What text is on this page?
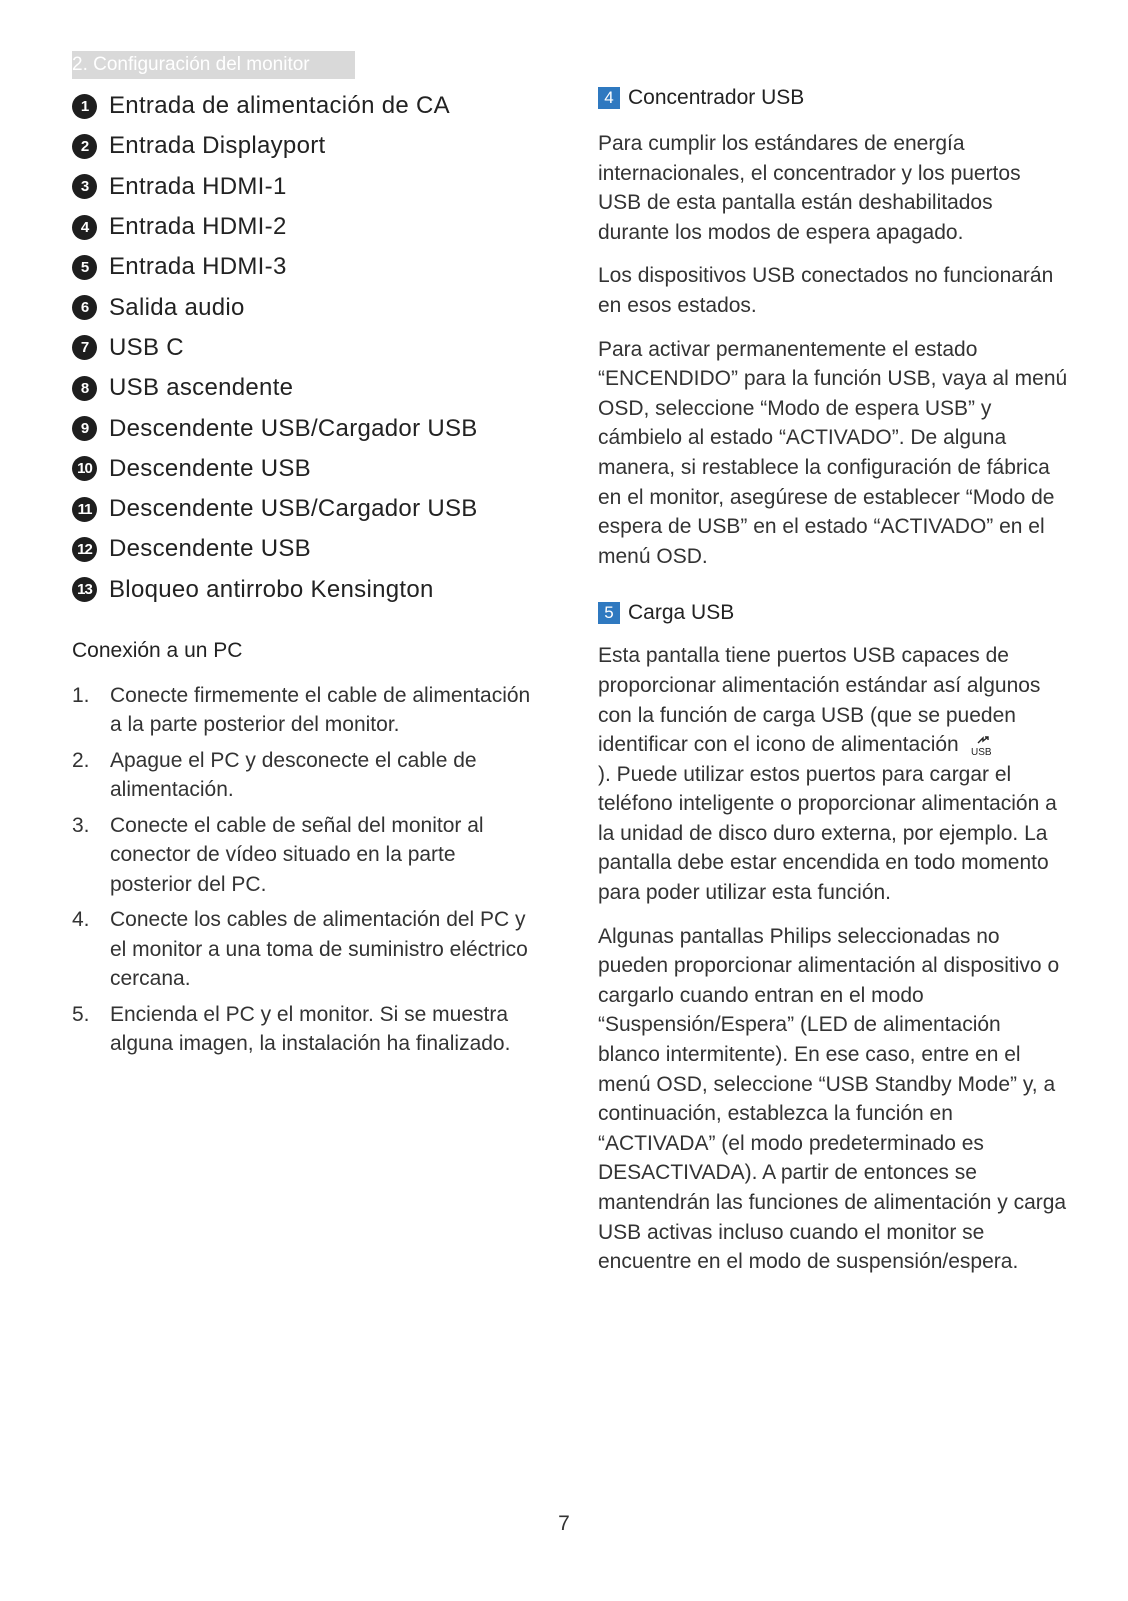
2. Configuración del monitor
1 Entrada de alimentación de CA
2 Entrada Displayport
3 Entrada HDMI-1
4 Entrada HDMI-2
5 Entrada HDMI-3
6 Salida audio
7 USB C
8 USB ascendente
9 Descendente USB/Cargador USB
10 Descendente USB
11 Descendente USB/Cargador USB
12 Descendente USB
13 Bloqueo antirrobo Kensington
Conexión a un PC
1. Conecte firmemente el cable de alimentación a la parte posterior del monitor.
2. Apague el PC y desconecte el cable de alimentación.
3. Conecte el cable de señal del monitor al conector de vídeo situado en la parte posterior del PC.
4. Conecte los cables de alimentación del PC y el monitor a una toma de suministro eléctrico cercana.
5. Encienda el PC y el monitor. Si se muestra alguna imagen, la instalación ha finalizado.
4 Concentrador USB

Para cumplir los estándares de energía internacionales, el concentrador y los puertos USB de esta pantalla están deshabilitados durante los modos de espera apagado.

Los dispositivos USB conectados no funcionarán en esos estados.

Para activar permanentemente el estado “ENCENDIDO” para la función USB, vaya al menú OSD, seleccione “Modo de espera USB” y cámbielo al estado “ACTIVADO”. De alguna manera, si restablece la configuración de fábrica en el monitor, asegúrese de establecer “Modo de espera de USB” en el estado “ACTIVADO” en el menú OSD.

5 Carga USB

Esta pantalla tiene puertos USB capaces de proporcionar alimentación estándar así algunos con la función de carga USB (que se pueden identificar con el icono de alimentación USB

). Puede utilizar estos puertos para cargar el teléfono inteligente o proporcionar alimentación a la unidad de disco duro externa, por ejemplo. La pantalla debe estar encendida en todo momento para poder utilizar esta función.

Algunas pantallas Philips seleccionadas no pueden proporcionar alimentación al dispositivo o cargarlo cuando entran en el modo “Suspensión/Espera” (LED de alimentación blanco intermitente). En ese caso, entre en el menú OSD, seleccione “USB Standby Mode” y, a continuación, establezca la función en “ACTIVADA” (el modo predeterminado es DESACTIVADA). A partir de entonces se mantendrán las funciones de alimentación y carga USB activas incluso cuando el monitor se encuentre en el modo de suspensión/espera.

7
